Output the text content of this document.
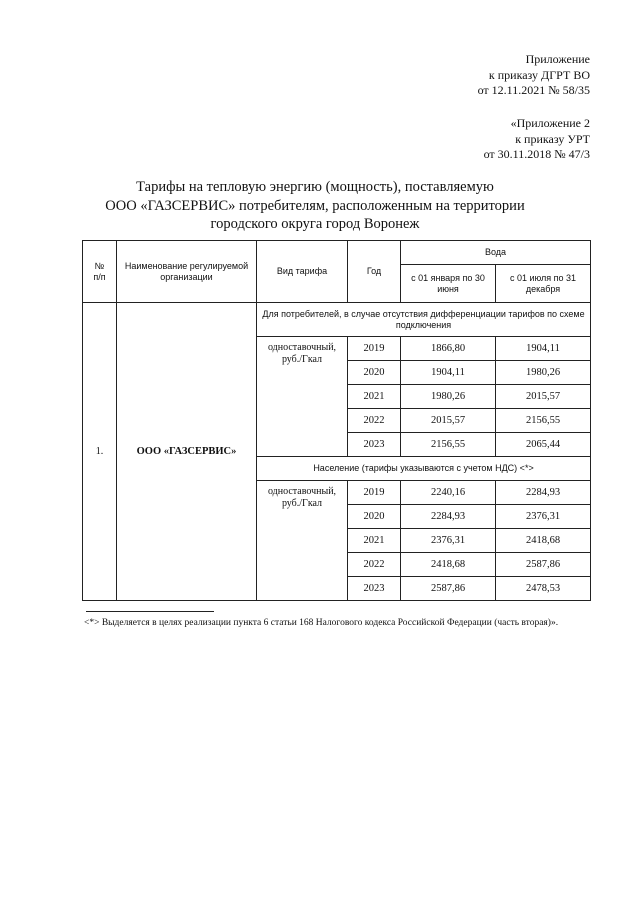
Приложение
к приказу ДГРТ ВО
от 12.11.2021 № 58/35
«Приложение 2
к приказу УРТ
от 30.11.2018 № 47/3
Тарифы на тепловую энергию (мощность), поставляемую
ООО «ГАЗСЕРВИС» потребителям, расположенным на территории
городского округа город Воронеж
№
п/п	Наименование регулируемой организации	Вид тарифа	Год	Вода	
				с 01 января по 30 июня	с 01 июля по 31 декабря
1.	ООО «ГАЗСЕРВИС»	Для потребителей, в случае отсутствия дифференциации тарифов по схеме подключения			
		одноставочный, руб./Гкал	2019	1866,80	1904,11
			2020	1904,11	1980,26
			2021	1980,26	2015,57
			2022	2015,57	2156,55
			2023	2156,55	2065,44
		Население (тарифы указываются с учетом НДС) <*>			
		одноставочный, руб./Гкал	2019	2240,16	2284,93
			2020	2284,93	2376,31
			2021	2376,31	2418,68
			2022	2418,68	2587,86
			2023	2587,86	2478,53
<*> Выделяется в целях реализации пункта 6 статьи 168 Налогового кодекса Российской Федерации (часть вторая)».
